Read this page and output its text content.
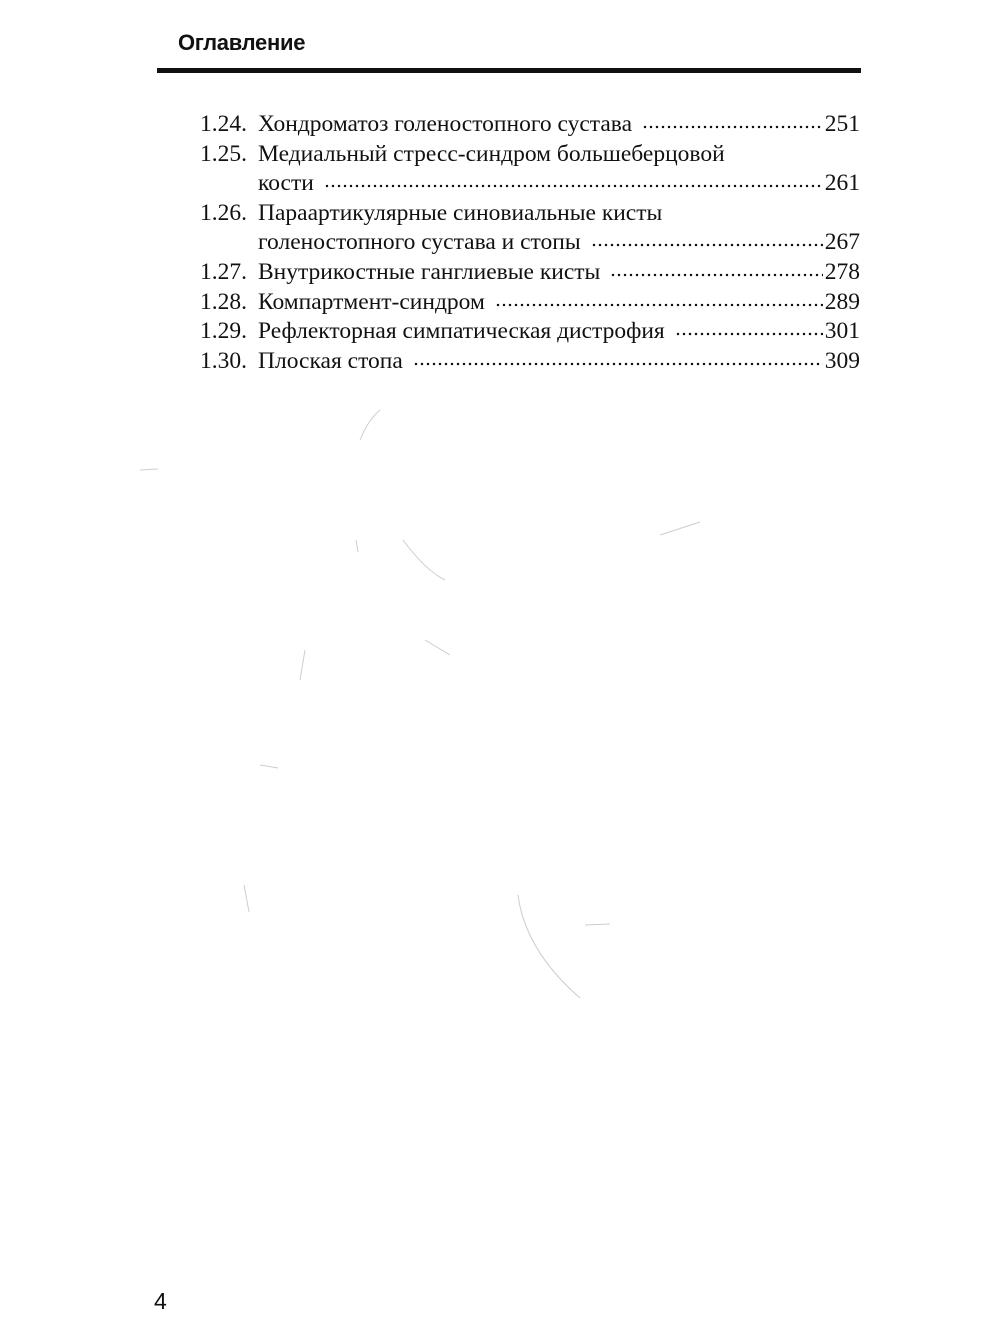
Оглавление
1.24. Хондроматоз голеностопного сустава	251
1.25. Медиальный стресс-синдром большеберцовой
кости	261
1.26. Параартикулярные синовиальные кисты
голеностопного сустава и стопы	267
1.27. Внутрикостные ганглиевые кисты	278
1.28. Компартмент-синдром	289
1.29. Рефлекторная симпатическая дистрофия	301
1.30. Плоская стопа	309
4
